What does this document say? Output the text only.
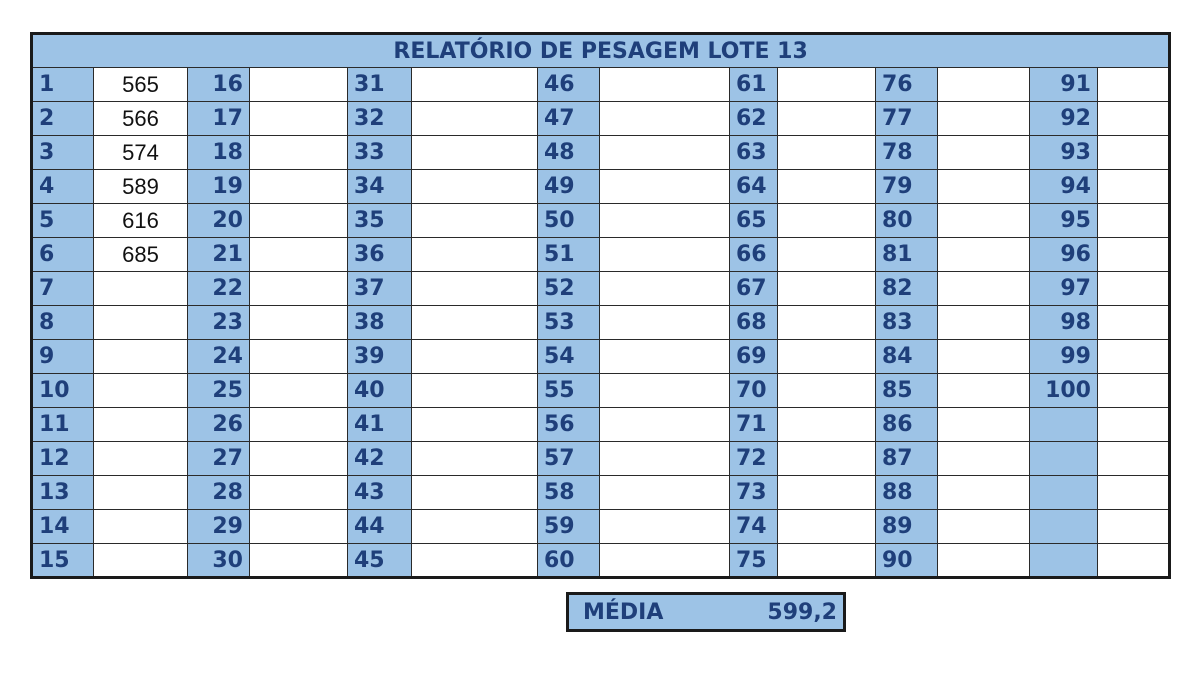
RELATÓRIO DE PESAGEM LOTE 13													
1	565	16		31		46		61		76		91	
2	566	17		32		47		62		77		92	
3	574	18		33		48		63		78		93	
4	589	19		34		49		64		79		94	
5	616	20		35		50		65		80		95	
6	685	21		36		51		66		81		96	
7		22		37		52		67		82		97	
8		23		38		53		68		83		98	
9		24		39		54		69		84		99	
10		25		40		55		70		85		100	
11		26		41		56		71		86			
12		27		42		57		72		87			
13		28		43		58		73		88			
14		29		44		59		74		89			
15		30		45		60		75		90			
MÉDIA	599,2
